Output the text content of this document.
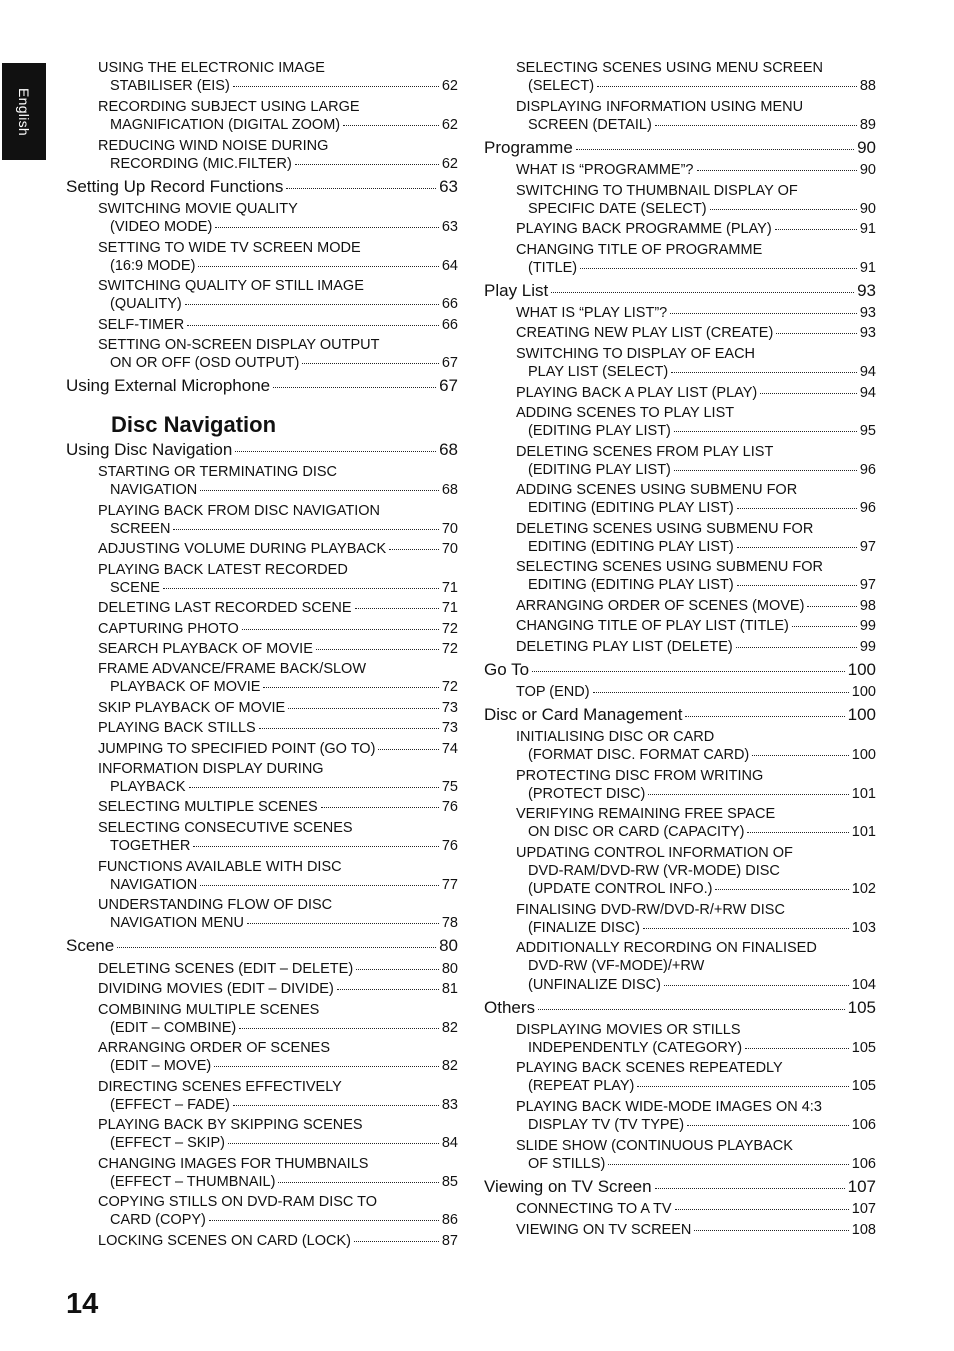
English
USING THE ELECTRONIC IMAGE
STABILISER (EIS)	62
RECORDING SUBJECT USING LARGE
MAGNIFICATION (DIGITAL ZOOM)	62
REDUCING WIND NOISE DURING
RECORDING (MIC.FILTER)	62
Setting Up Record Functions	63
SWITCHING MOVIE QUALITY
(VIDEO MODE)	63
SETTING TO WIDE TV SCREEN MODE
(16:9 MODE)	64
SWITCHING QUALITY OF STILL IMAGE
(QUALITY)	66
SELF-TIMER	66
SETTING ON-SCREEN DISPLAY OUTPUT
ON OR OFF (OSD OUTPUT)	67
Using External Microphone	67
Using Disc Navigation	68
STARTING OR TERMINATING DISC
NAVIGATION	68
PLAYING BACK FROM DISC NAVIGATION
SCREEN	70
ADJUSTING VOLUME DURING PLAYBACK	70
PLAYING BACK LATEST RECORDED
SCENE	71
DELETING LAST RECORDED SCENE	71
CAPTURING PHOTO	72
SEARCH PLAYBACK OF MOVIE	72
FRAME ADVANCE/FRAME BACK/SLOW
PLAYBACK OF MOVIE	72
SKIP PLAYBACK OF MOVIE	73
PLAYING BACK STILLS	73
JUMPING TO SPECIFIED POINT (GO TO)	74
INFORMATION DISPLAY DURING
PLAYBACK	75
SELECTING MULTIPLE SCENES	76
SELECTING CONSECUTIVE SCENES
TOGETHER	76
FUNCTIONS AVAILABLE WITH DISC
NAVIGATION	77
UNDERSTANDING FLOW OF DISC
NAVIGATION MENU	78
Scene	80
DELETING SCENES (EDIT – DELETE)	80
DIVIDING MOVIES (EDIT – DIVIDE)	81
COMBINING MULTIPLE SCENES
(EDIT – COMBINE)	82
ARRANGING ORDER OF SCENES
(EDIT – MOVE)	82
DIRECTING SCENES EFFECTIVELY
(EFFECT – FADE)	83
PLAYING BACK BY SKIPPING SCENES
(EFFECT – SKIP)	84
CHANGING IMAGES FOR THUMBNAILS
(EFFECT – THUMBNAIL)	85
COPYING STILLS ON DVD-RAM DISC TO
CARD (COPY)	86
LOCKING SCENES ON CARD (LOCK)	87
SELECTING SCENES USING MENU SCREEN
(SELECT)	88
DISPLAYING INFORMATION USING MENU
SCREEN (DETAIL)	89
Programme	90
WHAT IS “PROGRAMME”?	90
SWITCHING TO THUMBNAIL DISPLAY OF
SPECIFIC DATE (SELECT)	90
PLAYING BACK PROGRAMME (PLAY)	91
CHANGING TITLE OF PROGRAMME
(TITLE)	91
Play List	93
WHAT IS “PLAY LIST”?	93
CREATING NEW PLAY LIST (CREATE)	93
SWITCHING TO DISPLAY OF EACH
PLAY LIST (SELECT)	94
PLAYING BACK A PLAY LIST (PLAY)	94
ADDING SCENES TO PLAY LIST
(EDITING PLAY LIST)	95
DELETING SCENES FROM PLAY LIST
(EDITING PLAY LIST)	96
ADDING SCENES USING SUBMENU FOR
EDITING (EDITING PLAY LIST)	96
DELETING SCENES USING SUBMENU FOR
EDITING (EDITING PLAY LIST)	97
SELECTING SCENES USING SUBMENU FOR
EDITING (EDITING PLAY LIST)	97
ARRANGING ORDER OF SCENES (MOVE)	98
CHANGING TITLE OF PLAY LIST (TITLE)	99
DELETING PLAY LIST (DELETE)	99
Go To	100
TOP (END)	100
Disc or Card Management	100
INITIALISING DISC OR CARD
(FORMAT DISC. FORMAT CARD)	100
PROTECTING DISC FROM WRITING
(PROTECT DISC)	101
VERIFYING REMAINING FREE SPACE
ON DISC OR CARD (CAPACITY)	101
UPDATING CONTROL INFORMATION OF
DVD-RAM/DVD-RW (VR-MODE) DISC
(UPDATE CONTROL INFO.)	102
FINALISING DVD-RW/DVD-R/+RW DISC
(FINALIZE DISC)	103
ADDITIONALLY RECORDING ON FINALISED
DVD-RW (VF-MODE)/+RW
(UNFINALIZE DISC)	104
Others	105
DISPLAYING MOVIES OR STILLS
INDEPENDENTLY (CATEGORY)	105
PLAYING BACK SCENES REPEATEDLY
(REPEAT PLAY)	105
PLAYING BACK WIDE-MODE IMAGES ON 4:3
DISPLAY TV (TV TYPE)	106
SLIDE SHOW (CONTINUOUS PLAYBACK
OF STILLS)	106
Viewing on TV Screen	107
CONNECTING TO A TV	107
VIEWING ON TV SCREEN	108
Disc Navigation
14
